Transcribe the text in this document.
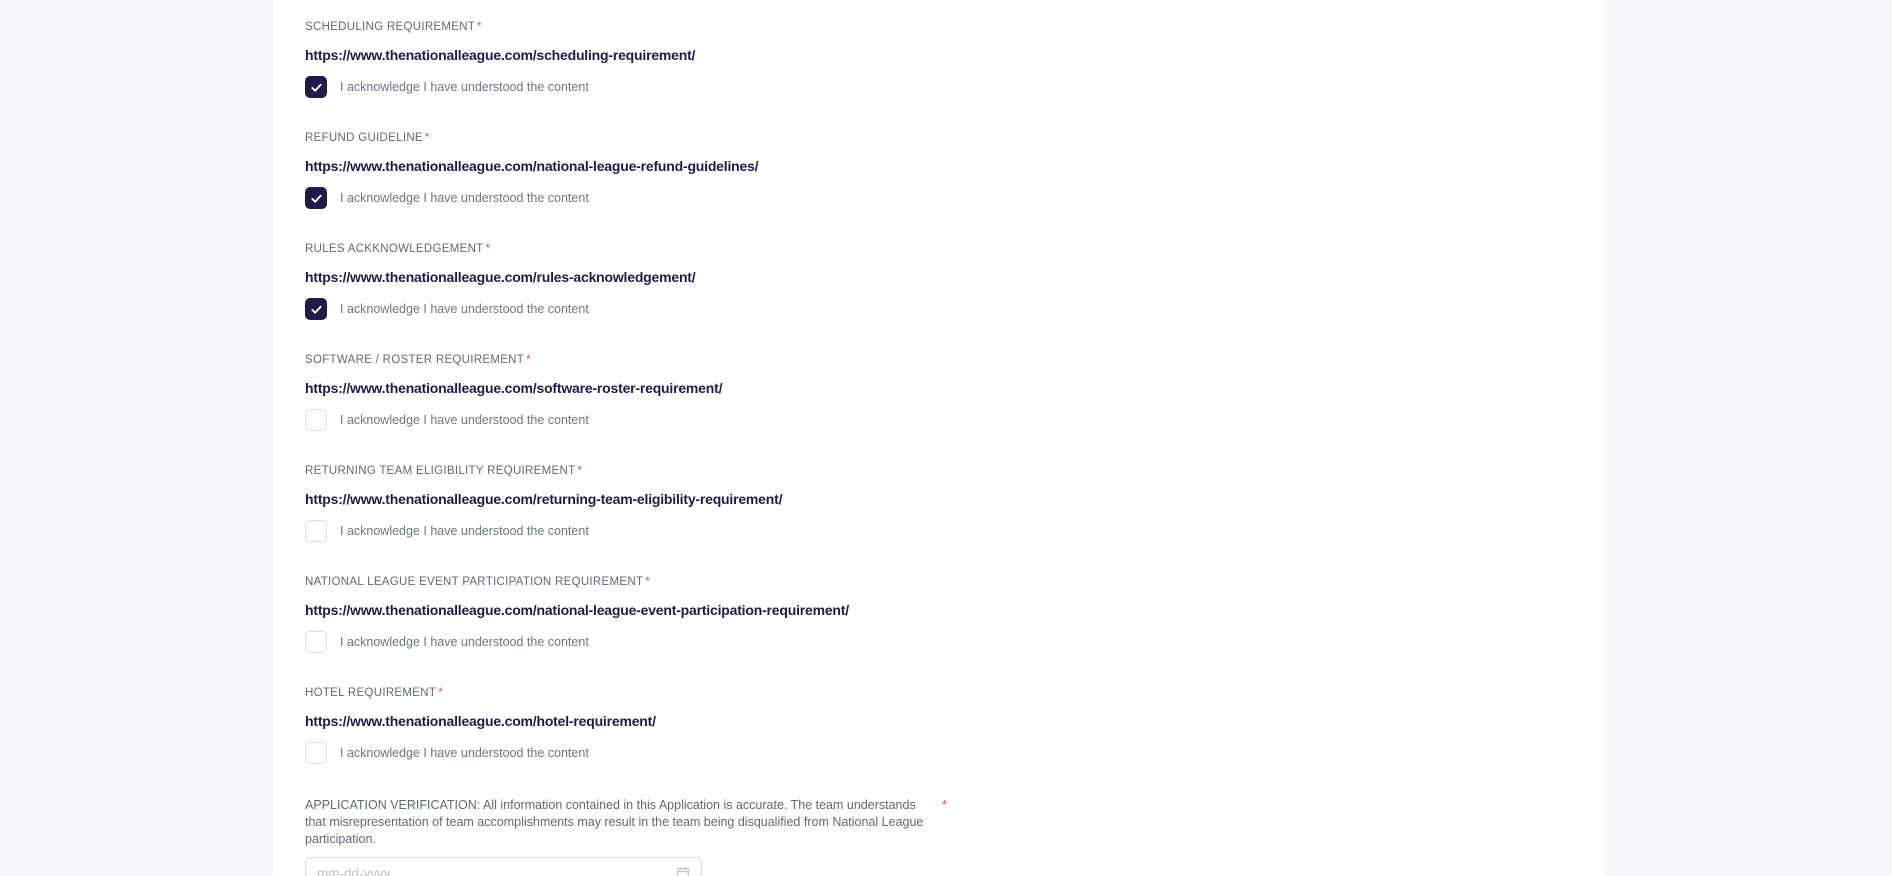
SCHEDULING REQUIREMENT *
https://www.thenationalleague.com/scheduling-requirement/
I acknowledge I have understood the content
REFUND GUIDELINE *
https://www.thenationalleague.com/national-league-refund-guidelines/
I acknowledge I have understood the content
RULES ACKKNOWLEDGEMENT *
https://www.thenationalleague.com/rules-acknowledgement/
I acknowledge I have understood the content
SOFTWARE / ROSTER REQUIREMENT *
https://www.thenationalleague.com/software-roster-requirement/
I acknowledge I have understood the content
RETURNING TEAM ELIGIBILITY REQUIREMENT *
https://www.thenationalleague.com/returning-team-eligibility-requirement/
I acknowledge I have understood the content
NATIONAL LEAGUE EVENT PARTICIPATION REQUIREMENT *
https://www.thenationalleague.com/national-league-event-participation-requirement/
I acknowledge I have understood the content
HOTEL REQUIREMENT *
https://www.thenationalleague.com/hotel-requirement/
I acknowledge I have understood the content
APPLICATION VERIFICATION: All information contained in this Application is accurate. The team understands that misrepresentation of team accomplishments may result in the team being disqualified from National League participation.
*
mm-dd-yyyy
